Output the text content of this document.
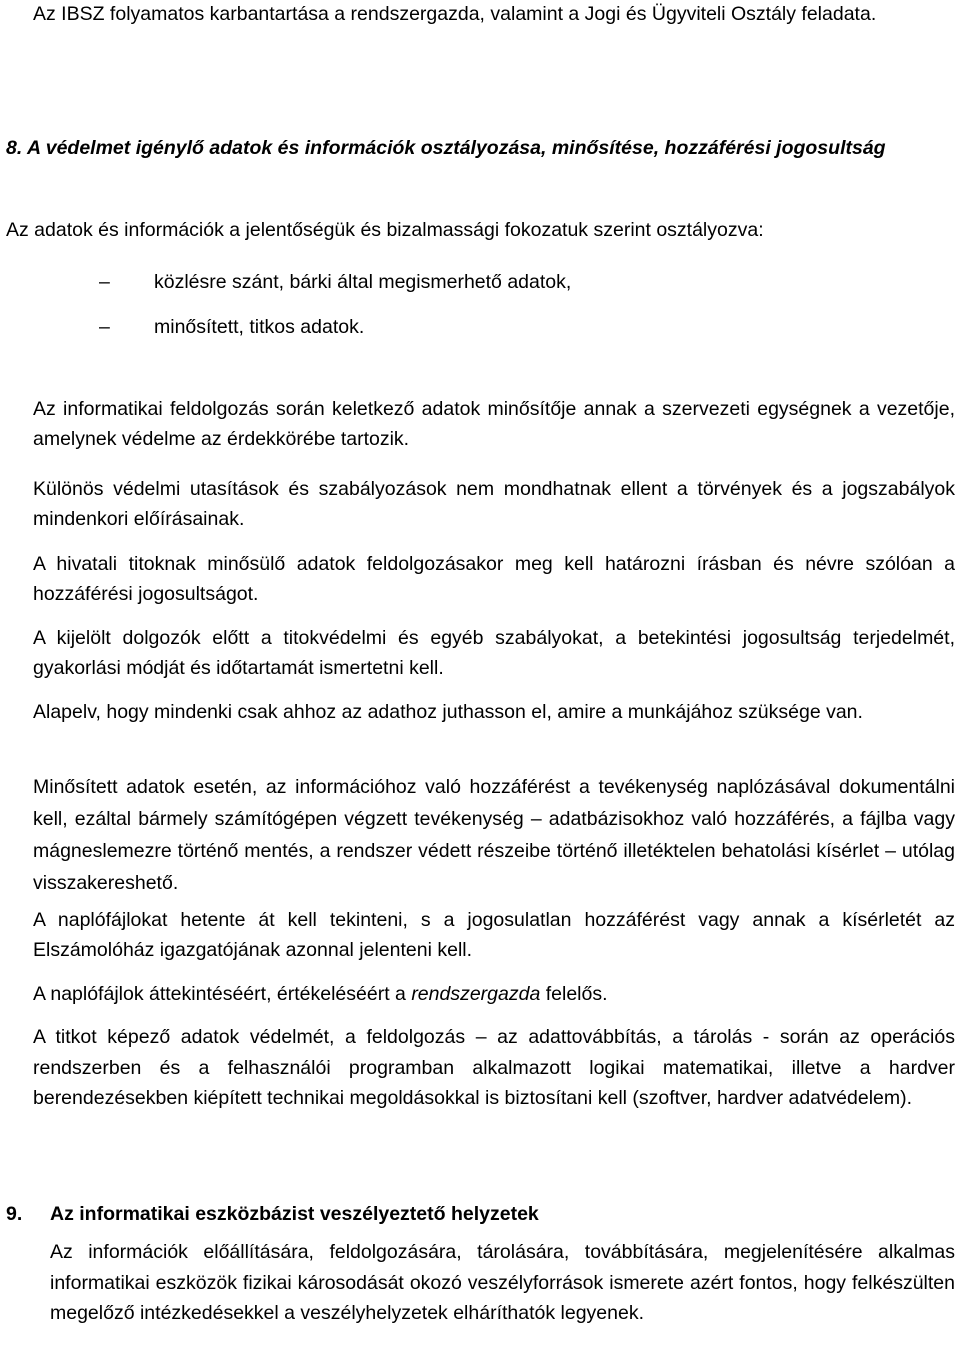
Az IBSZ folyamatos karbantartása a rendszergazda, valamint a Jogi és Ügyviteli Osztály feladata.

8. A védelmet igénylő adatok és információk osztályozása, minősítése, hozzáférési jogosultság

Az adatok és információk a jelentőségük és bizalmassági fokozatuk szerint osztályozva:

– közlésre szánt, bárki által megismerhető adatok,
– minősített, titkos adatok.

Az informatikai feldolgozás során keletkező adatok minősítője annak a szervezeti egységnek a vezetője, amelynek védelme az érdekkörébe tartozik.

Különös védelmi utasítások és szabályozások nem mondhatnak ellent a törvények és a jogszabályok mindenkori előírásainak.

A hivatali titoknak minősülő adatok feldolgozásakor meg kell határozni írásban és névre szólóan a hozzáférési jogosultságot.

A kijelölt dolgozók előtt a titokvédelmi és egyéb szabályokat, a betekintési jogosultság terjedelmét, gyakorlási módját és időtartamát ismertetni kell.

Alapelv, hogy mindenki csak ahhoz az adathoz juthasson el, amire a munkájához szüksége van.

Minősített adatok esetén, az információhoz való hozzáférést a tevékenység naplózásával dokumentálni kell, ezáltal bármely számítógépen végzett tevékenység – adatbázisokhoz való hozzáférés, a fájlba vagy mágneslemezre történő mentés, a rendszer védett részeibe történő illetéktelen behatolási kísérlet – utólag visszakereshető.

A naplófájlokat hetente át kell tekinteni, s a jogosulatlan hozzáférést vagy annak a kísérletét az Elszámolóház igazgatójának azonnal jelenteni kell.

A naplófájlok áttekintéséért, értékeléséért a rendszergazda felelős.

A titkot képező adatok védelmét, a feldolgozás – az adattovábbítás, a tárolás - során az operációs rendszerben és a felhasználói programban alkalmazott logikai matematikai, illetve a hardver berendezésekben kiépített technikai megoldásokkal is biztosítani kell (szoftver, hardver adatvédelem).

9. Az informatikai eszközbázist veszélyeztető helyzetek

Az információk előállítására, feldolgozására, tárolására, továbbítására, megjelenítésére alkalmas informatikai eszközök fizikai károsodását okozó veszélyforrások ismerete azért fontos, hogy felkészülten megelőző intézkedésekkel a veszélyhelyzetek elháríthatók legyenek.
